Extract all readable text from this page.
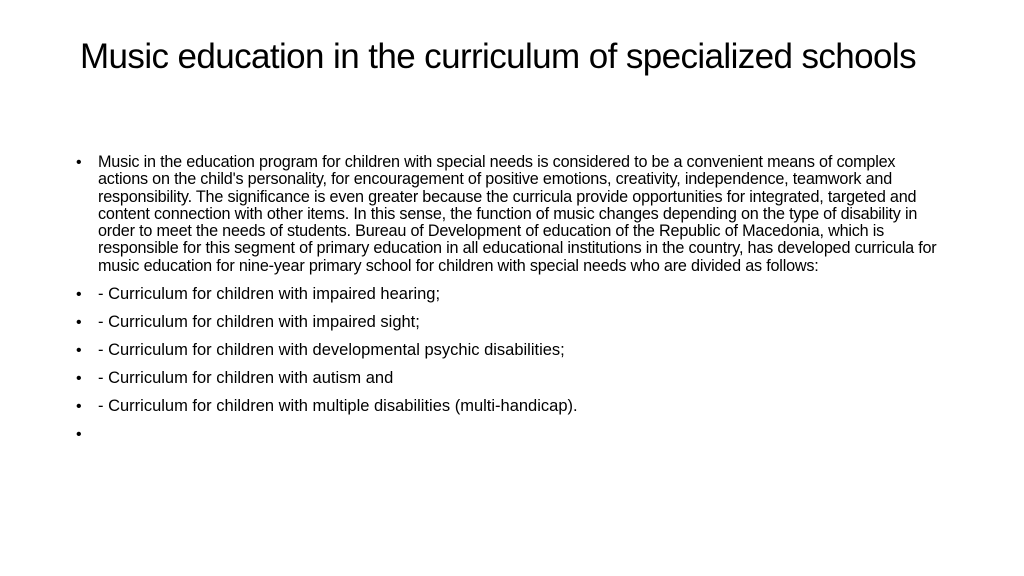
Music education in the curriculum of specialized schools
•	Music in the education program for children with special needs is considered to be a convenient means of complex actions on the child's personality, for encouragement of positive emotions, creativity, independence, teamwork and responsibility. The significance is even greater because the curricula provide opportunities for integrated, targeted and content connection with other items. In this sense, the function of music changes depending on the type of disability in order to meet the needs of students. Bureau of Development of education of the Republic of Macedonia, which is responsible for this segment of primary education in all educational institutions in the country, has developed curricula for music education for nine-year primary school for children with special needs who are divided as follows:
• - Curriculum for children with impaired hearing;
• - Curriculum for children with impaired sight;
• - Curriculum for children with developmental psychic disabilities;
• - Curriculum for children with autism and
• - Curriculum for children with multiple disabilities (multi-handicap).
•
